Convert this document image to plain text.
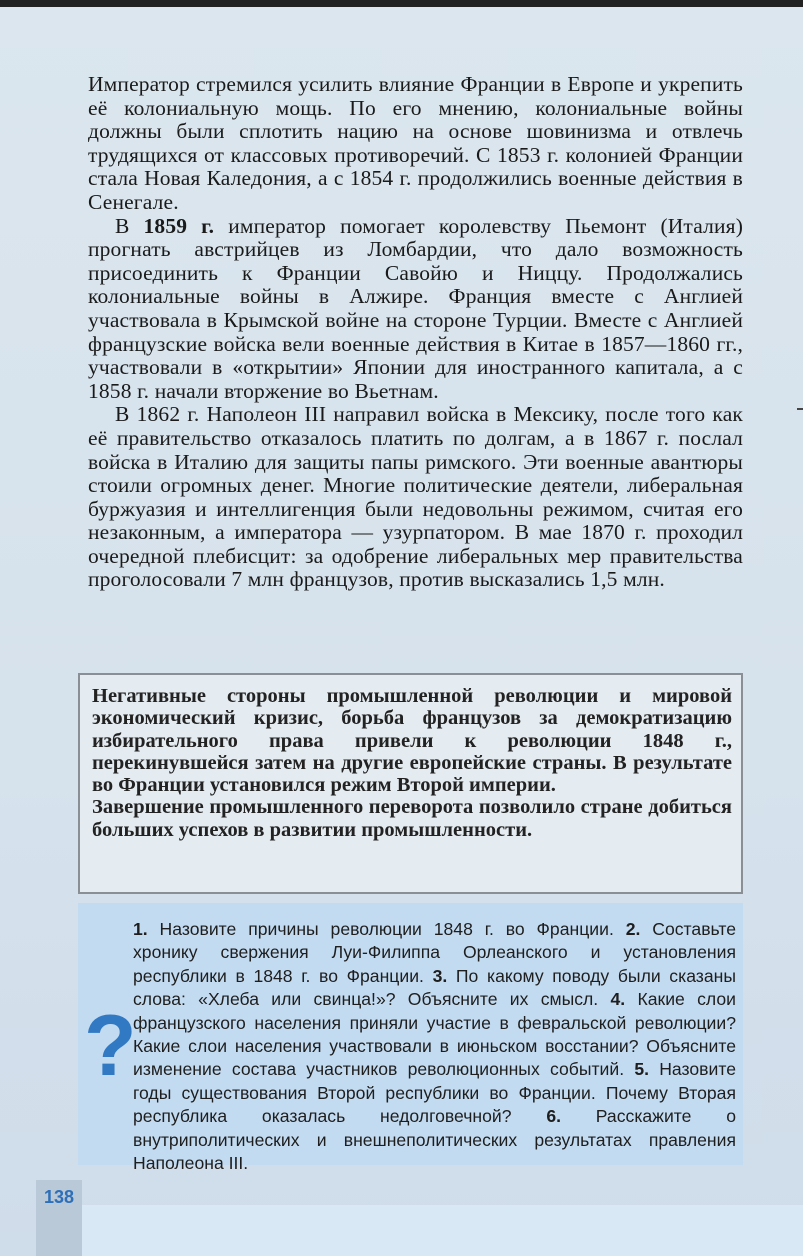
Император стремился усилить влияние Франции в Европе и укрепить её колониальную мощь. По его мнению, колониальные войны должны были сплотить нацию на основе шовинизма и отвлечь трудящихся от классовых противоречий. С 1853 г. колонией Франции стала Новая Каледония, а с 1854 г. продолжились военные действия в Сенегале.

В 1859 г. император помогает королевству Пьемонт (Италия) прогнать австрийцев из Ломбардии, что дало возможность присоединить к Франции Савойю и Ниццу. Продолжались колониальные войны в Алжире. Франция вместе с Англией участвовала в Крымской войне на стороне Турции. Вместе с Англией французские войска вели военные действия в Китае в 1857—1860 гг., участвовали в «открытии» Японии для иностранного капитала, а с 1858 г. начали вторжение во Вьетнам.

В 1862 г. Наполеон III направил войска в Мексику, после того как её правительство отказалось платить по долгам, а в 1867 г. послал войска в Италию для защиты папы римского. Эти военные авантюры стоили огромных денег. Многие политические деятели, либеральная буржуазия и интеллигенция были недовольны режимом, считая его незаконным, а императора — узурпатором. В мае 1870 г. проходил очередной плебисцит: за одобрение либеральных мер правительства проголосовали 7 млн французов, против высказались 1,5 млн.

Негативные стороны промышленной революции и мировой экономический кризис, борьба французов за демократизацию избирательного права привели к революции 1848 г., перекинувшейся затем на другие европейские страны. В результате во Франции установился режим Второй империи.

Завершение промышленного переворота позволило стране добиться больших успехов в развитии промышленности.

?
1. Назовите причины революции 1848 г. во Франции. 2. Составьте хронику свержения Луи-Филиппа Орлеанского и установления республики в 1848 г. во Франции. 3. По какому поводу были сказаны слова: «Хлеба или свинца!»? Объясните их смысл. 4. Какие слои французского населения приняли участие в февральской революции? Какие слои населения участвовали в июньском восстании? Объясните изменение состава участников революционных событий. 5. Назовите годы существования Второй республики во Франции. Почему Вторая республика оказалась недолговечной? 6. Расскажите о внутриполитических и внешнеполитических результатах правления Наполеона III.
138
